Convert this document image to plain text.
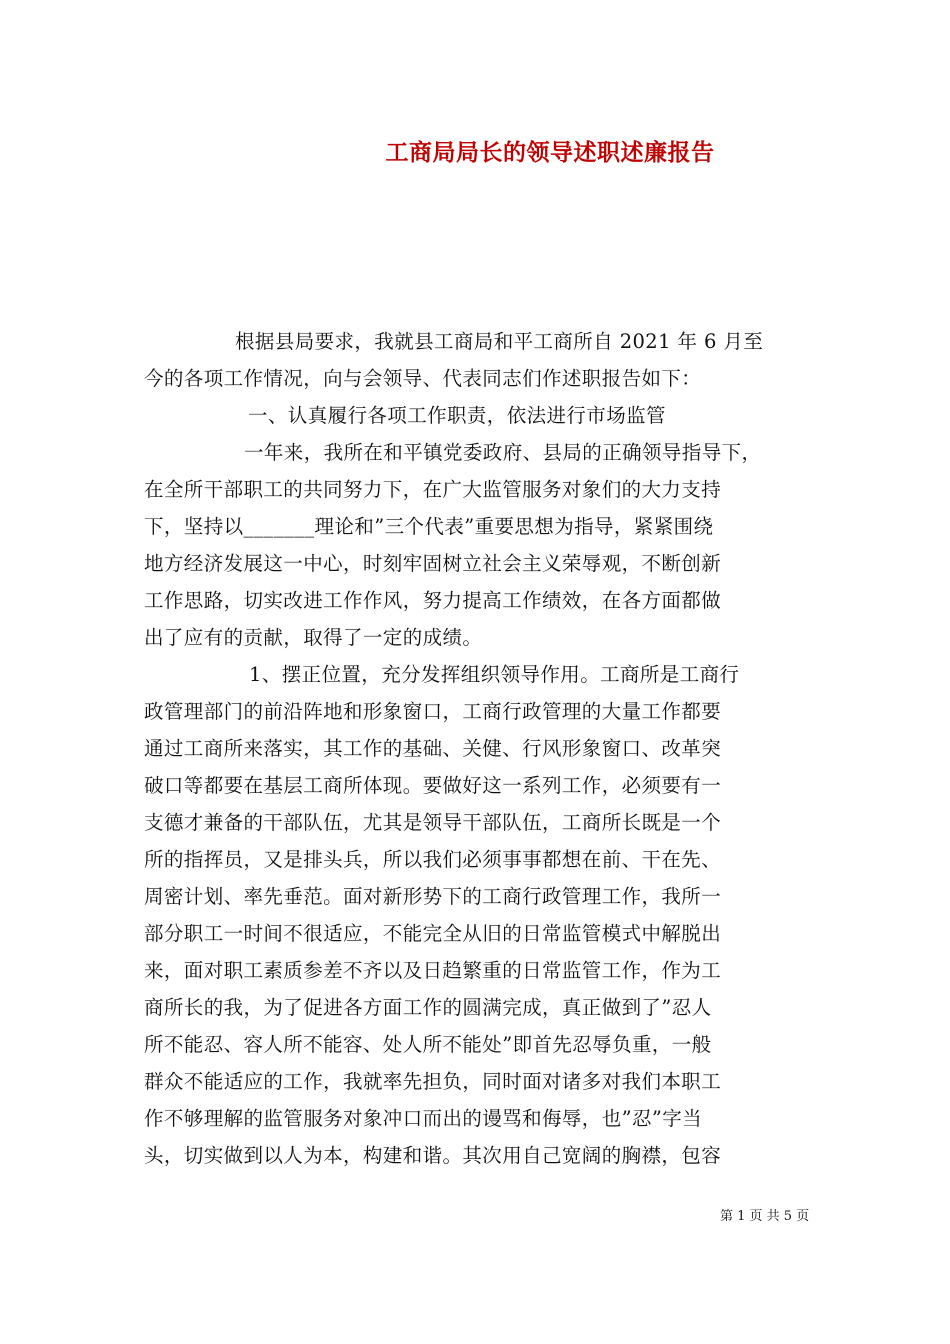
工商局局长的领导述职述廉报告
根据县局要求，我就县工商局和平工商所自 2021 年 6 月至
今的各项工作情况，向与会领导、代表同志们作述职报告如下：
一、认真履行各项工作职责，依法进行市场监管
一年来，我所在和平镇党委政府、县局的正确领导指导下，
在全所干部职工的共同努力下，在广大监管服务对象们的大力支持
下，坚持以_______理论和”三个代表”重要思想为指导，紧紧围绕
地方经济发展这一中心，时刻牢固树立社会主义荣辱观，不断创新
工作思路，切实改进工作作风，努力提高工作绩效，在各方面都做
出了应有的贡献，取得了一定的成绩。
1、摆正位置，充分发挥组织领导作用。工商所是工商行
政管理部门的前沿阵地和形象窗口，工商行政管理的大量工作都要
通过工商所来落实，其工作的基础、关健、行风形象窗口、改革突
破口等都要在基层工商所体现。要做好这一系列工作，必须要有一
支德才兼备的干部队伍，尤其是领导干部队伍，工商所长既是一个
所的指挥员，又是排头兵，所以我们必须事事都想在前、干在先、
周密计划、率先垂范。面对新形势下的工商行政管理工作，我所一
部分职工一时间不很适应，不能完全从旧的日常监管模式中解脱出
来，面对职工素质参差不齐以及日趋繁重的日常监管工作，作为工
商所长的我，为了促进各方面工作的圆满完成，真正做到了”忍人
所不能忍、容人所不能容、处人所不能处”即首先忍辱负重，一般
群众不能适应的工作，我就率先担负，同时面对诸多对我们本职工
作不够理解的监管服务对象冲口而出的谩骂和侮辱，也”忍”字当
头，切实做到以人为本，构建和谐。其次用自己宽阔的胸襟，包容
第 1 页 共 5 页
